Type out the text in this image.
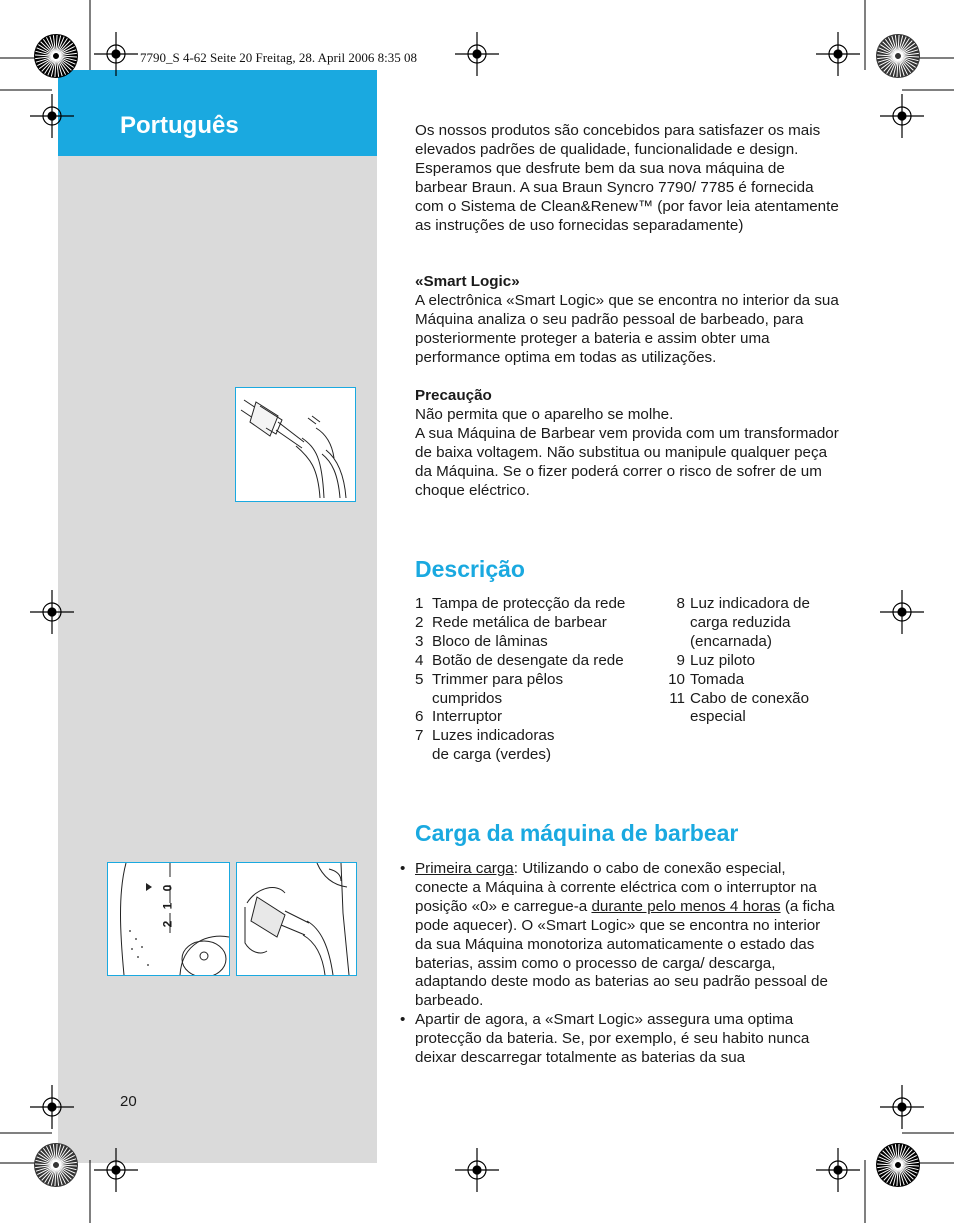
Português
7790_S 4-62 Seite 20 Freitag, 28. April 2006 8:35 08

Os nossos produtos são concebidos para satisfazer os mais elevados padrões de qualidade, funcionalidade e design. Esperamos que desfrute bem da sua nova máquina de barbear Braun. A sua Braun Syncro 7790/ 7785 é fornecida com o Sistema de Clean&Renew™ (por favor leia atentamente as instruções de uso fornecidas separadamente)

«Smart Logic»

A electrônica «Smart Logic» que se encontra no interior da sua Máquina analiza o seu padrão pessoal de barbeado, para posteriormente proteger a bateria e assim obter uma performance optima em todas as utilizações.

Precaução
Não permita que o aparelho se molhe.

A sua Máquina de Barbear vem provida com um transformador de baixa voltagem. Não substitua ou manipule qualquer peça da Máquina. Se o fizer poderá correr o risco de sofrer de um choque eléctrico.

Descrição
1 Tampa de protecção da rede
2 Rede metálica de barbear
3 Bloco de lâminas
4 Botão de desengate da rede
5 Trimmer para pêlos cumpridos
6 Interruptor
7 Luzes indicadoras de carga (verdes)
8 Luz indicadora de carga reduzida (encarnada)
9 Luz piloto
10 Tomada
11 Cabo de conexão especial
Carga da máquina de barbear
• Primeira carga: Utilizando o cabo de conexão especial, conecte a Máquina à corrente eléctrica com o interruptor na posição «0» e carregue-a durante pelo menos 4 horas (a ficha pode aquecer). O «Smart Logic» que se encontra no interior da sua Máquina monotoriza automaticamente o estado das baterias, assim como o processo de carga/ descarga, adaptando deste modo as baterias ao seu padrão pessoal de barbeado.
• Apartir de agora, a «Smart Logic» assegura uma optima protecção da bateria. Se, por exemplo, é seu habito nunca deixar descarregar totalmente as baterias da sua
0
1
2
20
